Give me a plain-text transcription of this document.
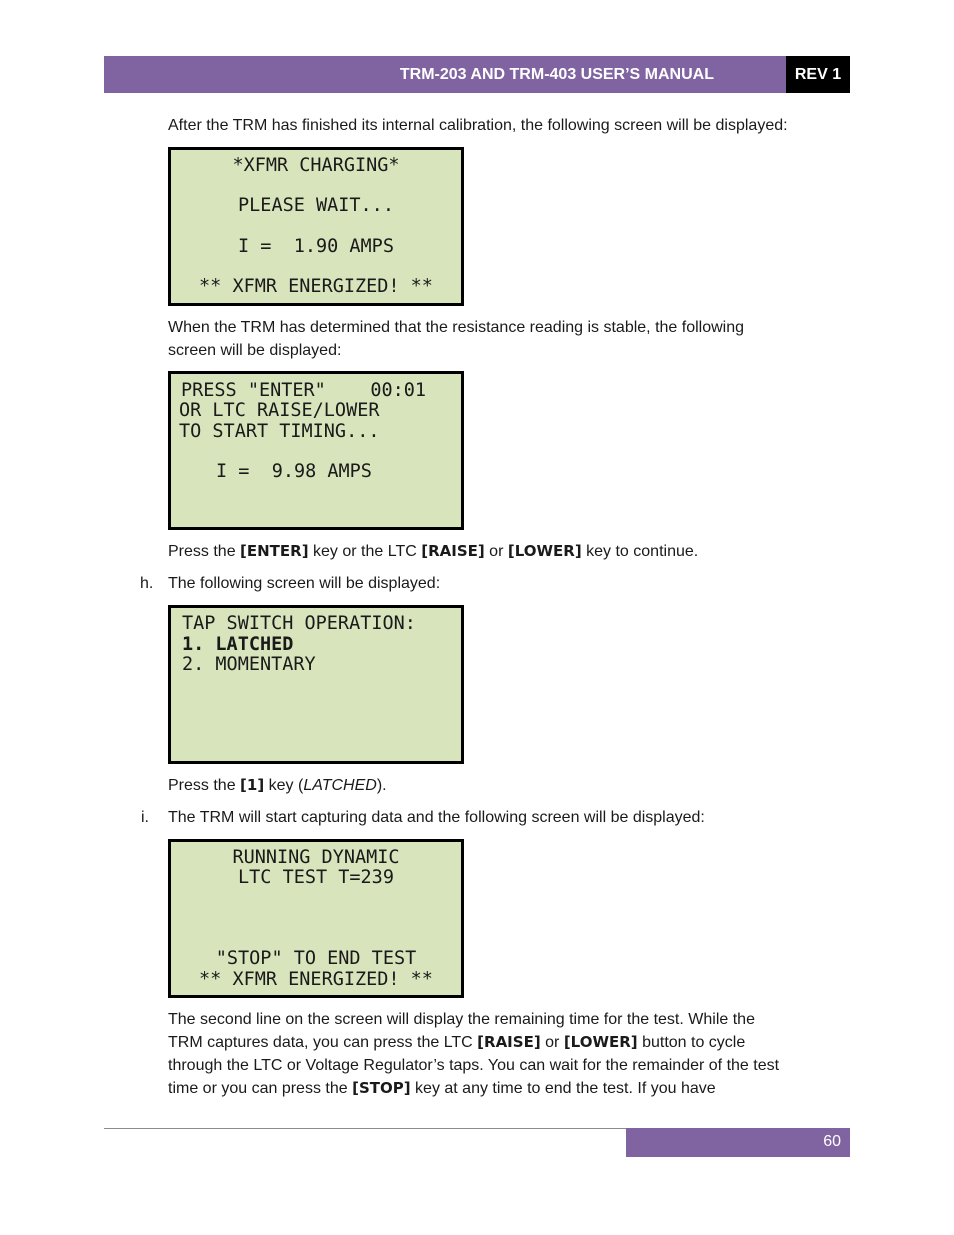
TRM-203 AND TRM-403 USER’S MANUAL	REV 1

After the TRM has finished its internal calibration, the following screen will be displayed:

*XFMR CHARGING*
PLEASE WAIT...
I =  1.90 AMPS
** XFMR ENERGIZED! **

When the TRM has determined that the resistance reading is stable, the following
screen will be displayed:

PRESS "ENTER"    00:01
OR LTC RAISE/LOWER
TO START TIMING...
I =  9.98 AMPS

Press the [ENTER] key or the LTC [RAISE] or [LOWER] key to continue.

h. The following screen will be displayed:

TAP SWITCH OPERATION:
1. LATCHED
2. MOMENTARY

Press the [1] key (LATCHED).

i. The TRM will start capturing data and the following screen will be displayed:

RUNNING DYNAMIC
LTC TEST T=239
"STOP" TO END TEST
** XFMR ENERGIZED! **

The second line on the screen will display the remaining time for the test. While the
TRM captures data, you can press the LTC [RAISE] or [LOWER] button to cycle
through the LTC or Voltage Regulator’s taps. You can wait for the remainder of the test
time or you can press the [STOP] key at any time to end the test. If you have

60
